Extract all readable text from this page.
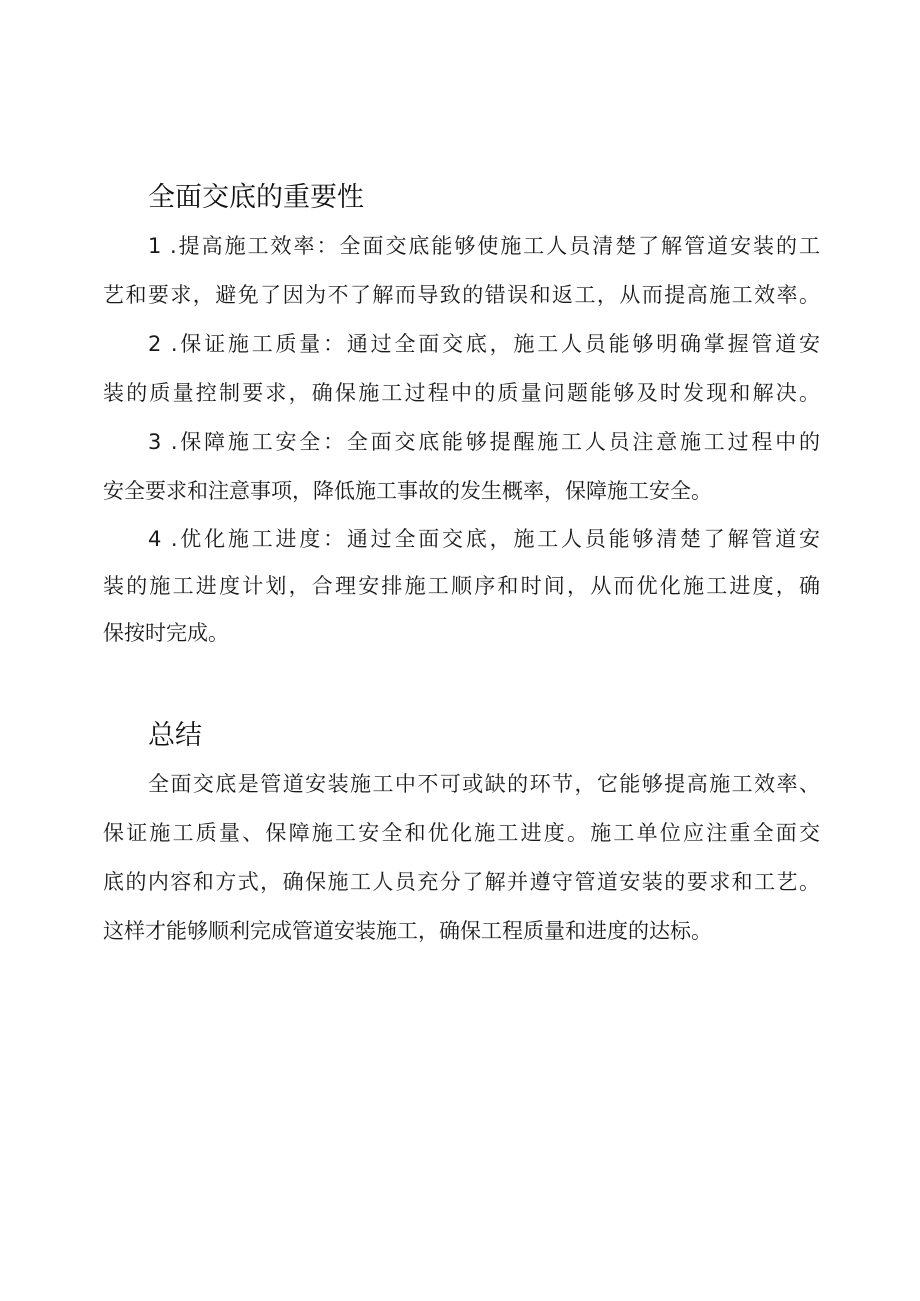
全面交底的重要性
1 .提高施工效率：全面交底能够使施工人员清楚了解管道安装的工
艺和要求，避免了因为不了解而导致的错误和返工，从而提高施工效率。
2 .保证施工质量：通过全面交底，施工人员能够明确掌握管道安
装的质量控制要求，确保施工过程中的质量问题能够及时发现和解决。
3 .保障施工安全：全面交底能够提醒施工人员注意施工过程中的
安全要求和注意事项，降低施工事故的发生概率，保障施工安全。
4 .优化施工进度：通过全面交底，施工人员能够清楚了解管道安
装的施工进度计划，合理安排施工顺序和时间，从而优化施工进度，确
保按时完成。
总结
全面交底是管道安装施工中不可或缺的环节，它能够提高施工效率、
保证施工质量、保障施工安全和优化施工进度。施工单位应注重全面交
底的内容和方式，确保施工人员充分了解并遵守管道安装的要求和工艺。
这样才能够顺利完成管道安装施工，确保工程质量和进度的达标。
